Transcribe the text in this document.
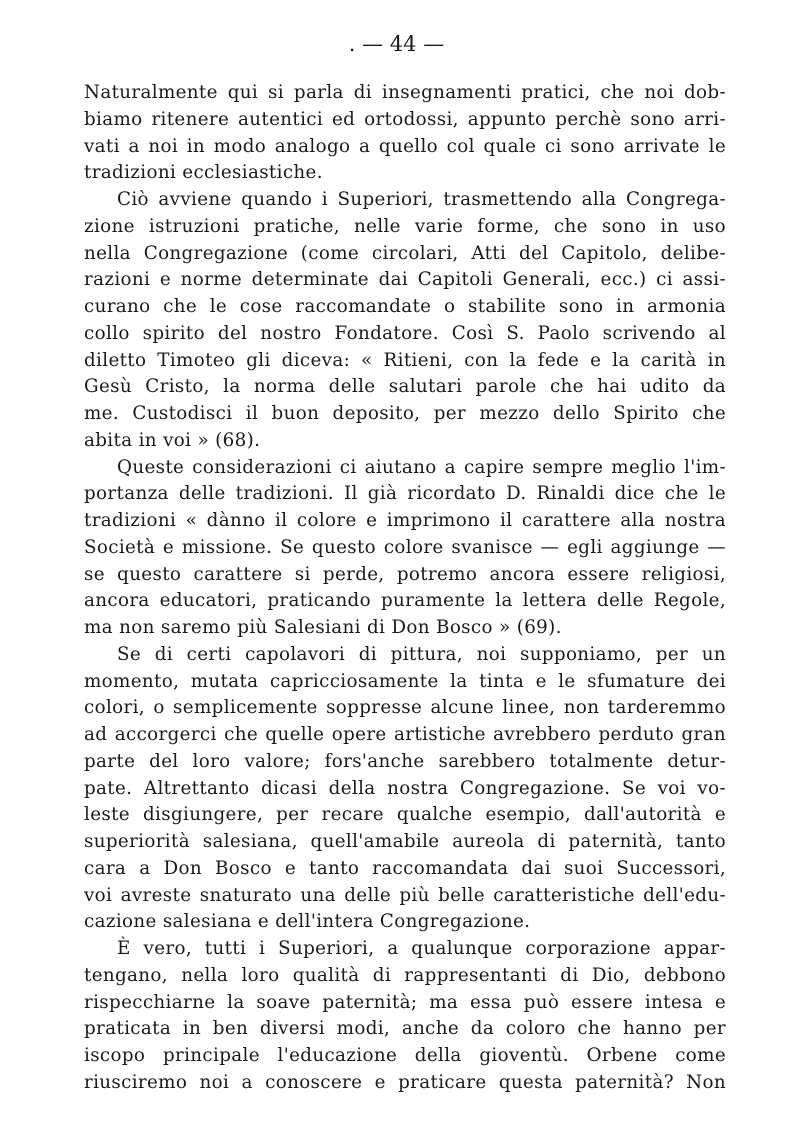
. — 44 —
Naturalmente qui si parla di insegnamenti pratici, che noi dob-
biamo ritenere autentici ed ortodossi, appunto perchè sono arri-
vati a noi in modo analogo a quello col quale ci sono arrivate le
tradizioni ecclesiastiche.
Ciò avviene quando i Superiori, trasmettendo alla Congrega-
zione istruzioni pratiche, nelle varie forme, che sono in uso
nella Congregazione (come circolari, Atti del Capitolo, delibe-
razioni e norme determinate dai Capitoli Generali, ecc.) ci assi-
curano che le cose raccomandate o stabilite sono in armonia
collo spirito del nostro Fondatore. Così S. Paolo scrivendo al
diletto Timoteo gli diceva: « Ritieni, con la fede e la carità in
Gesù Cristo, la norma delle salutari parole che hai udito da
me. Custodisci il buon deposito, per mezzo dello Spirito che
abita in voi » (68).
Queste considerazioni ci aiutano a capire sempre meglio l'im-
portanza delle tradizioni. Il già ricordato D. Rinaldi dice che le
tradizioni « dànno il colore e imprimono il carattere alla nostra
Società e missione. Se questo colore svanisce — egli aggiunge —
se questo carattere si perde, potremo ancora essere religiosi,
ancora educatori, praticando puramente la lettera delle Regole,
ma non saremo più Salesiani di Don Bosco » (69).
Se di certi capolavori di pittura, noi supponiamo, per un
momento, mutata capricciosamente la tinta e le sfumature dei
colori, o semplicemente soppresse alcune linee, non tarderemmo
ad accorgerci che quelle opere artistiche avrebbero perduto gran
parte del loro valore; fors'anche sarebbero totalmente detur-
pate. Altrettanto dicasi della nostra Congregazione. Se voi vo-
leste disgiungere, per recare qualche esempio, dall'autorità e
superiorità salesiana, quell'amabile aureola di paternità, tanto
cara a Don Bosco e tanto raccomandata dai suoi Successori,
voi avreste snaturato una delle più belle caratteristiche dell'edu-
cazione salesiana e dell'intera Congregazione.
È vero, tutti i Superiori, a qualunque corporazione appar-
tengano, nella loro qualità di rappresentanti di Dio, debbono
rispecchiarne la soave paternità; ma essa può essere intesa e
praticata in ben diversi modi, anche da coloro che hanno per
iscopo principale l'educazione della gioventù. Orbene come
riusciremo noi a conoscere e praticare questa paternità? Non
